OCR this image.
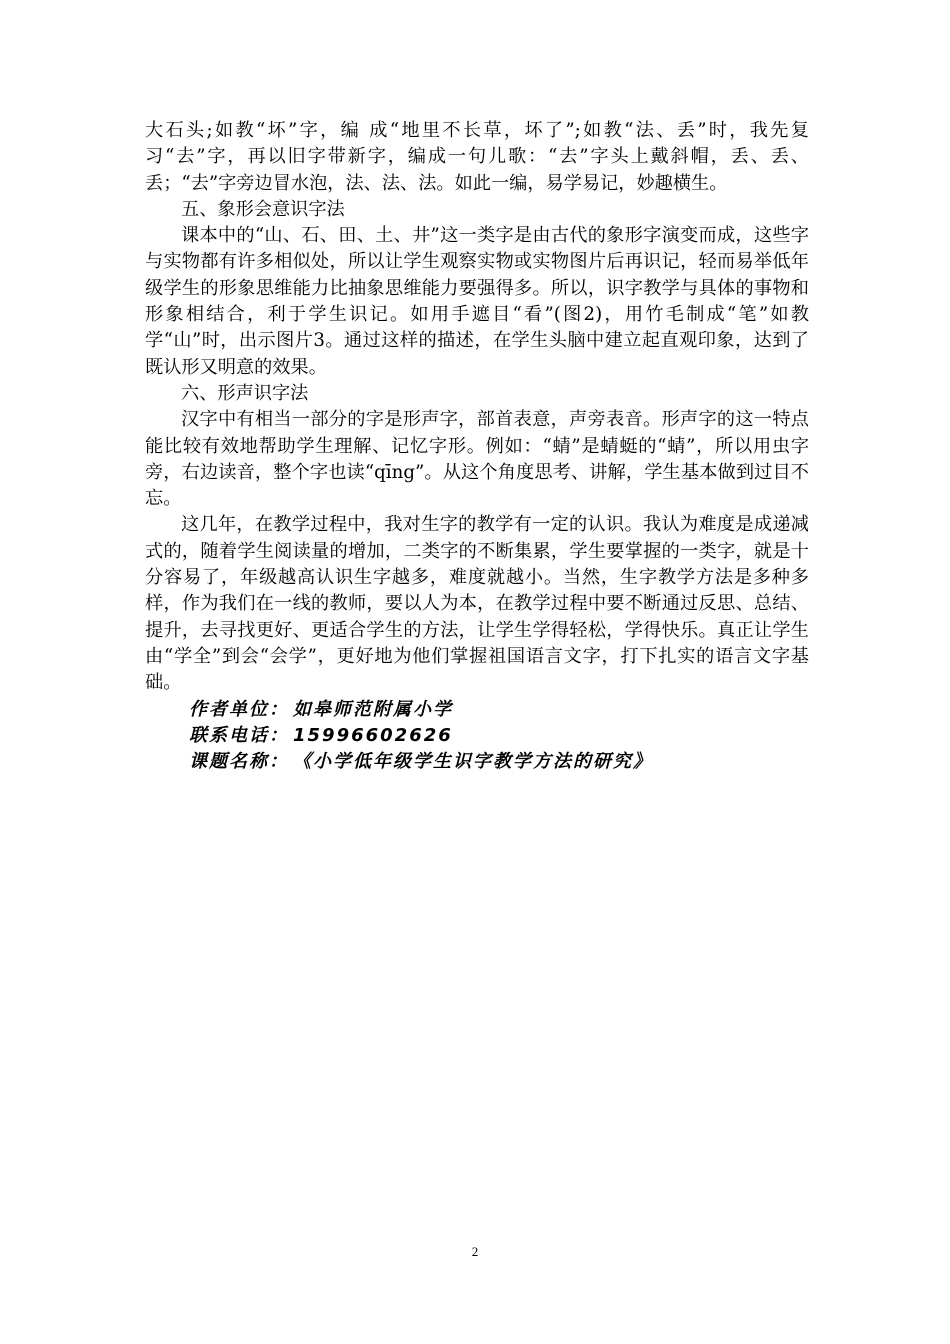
大石头;如教“坏”字，编 成“地里不长草，坏了”;如教“法、丢”时，我先复习“去”字，再以旧字带新字，编成一句儿歌：“去”字头上戴斜帽，丢、丢、丢；“去”字旁边冒水泡，法、法、法。如此一编，易学易记，妙趣横生。

五、象形会意识字法

课本中的“山、石、田、土、井”这一类字是由古代的象形字演变而成，这些字与实物都有许多相似处，所以让学生观察实物或实物图片后再识记，轻而易举低年级学生的形象思维能力比抽象思维能力要强得多。所以，识字教学与具体的事物和形象相结合，利于学生识记。如用手遮目“看”(图2)，用竹毛制成“笔”如教学“山”时，出示图片3。通过这样的描述，在学生头脑中建立起直观印象，达到了既认形又明意的效果。

六、形声识字法

汉字中有相当一部分的字是形声字，部首表意，声旁表音。形声字的这一特点能比较有效地帮助学生理解、记忆字形。例如：“蜻”是蜻蜓的“蜻”，所以用虫字旁，右边读音，整个字也读“qīng”。从这个角度思考、讲解，学生基本做到过目不忘。

这几年，在教学过程中，我对生字的教学有一定的认识。我认为难度是成递减式的，随着学生阅读量的增加，二类字的不断集累，学生要掌握的一类字，就是十分容易了，年级越高认识生字越多，难度就越小。当然，生字教学方法是多种多样，作为我们在一线的教师，要以人为本，在教学过程中要不断通过反思、总结、提升，去寻找更好、更适合学生的方法，让学生学得轻松，学得快乐。真正让学生由“学全”到会“会学”，更好地为他们掌握祖国语言文字，打下扎实的语言文字基础。

作者单位： 如皋师范附属小学

联系电话： 15996602626

课题名称： 《小学低年级学生识字教学方法的研究》

2
